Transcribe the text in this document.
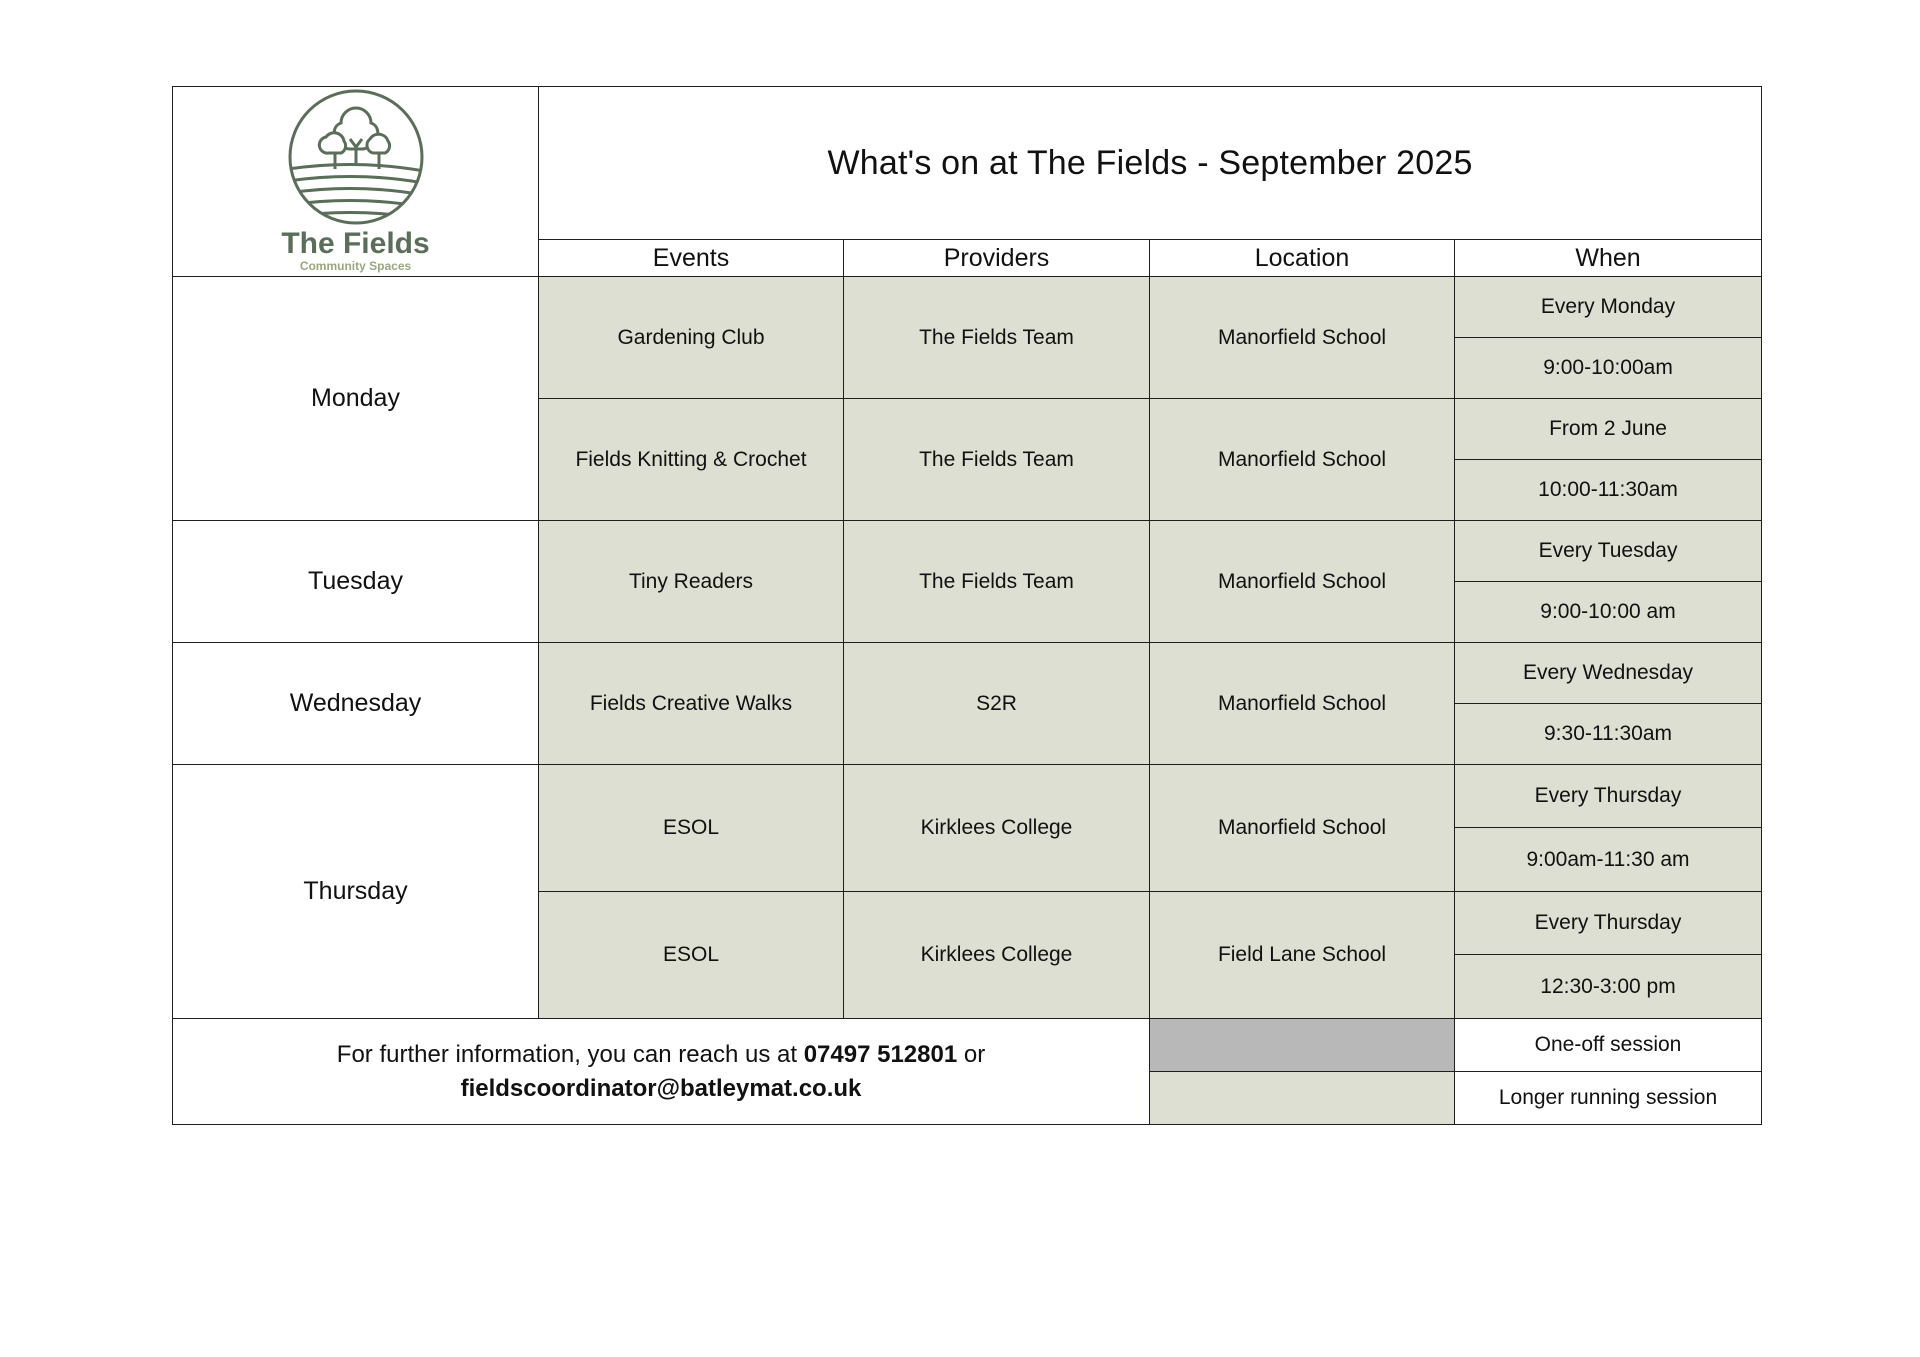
The Fields
Community Spaces	What's on at The Fields - September 2025			
	Events	Providers	Location	When
Monday	Gardening Club	The Fields Team	Manorfield School	Every Monday
				9:00-10:00am
	Fields Knitting & Crochet	The Fields Team	Manorfield School	From 2 June
				10:00-11:30am
Tuesday	Tiny Readers	The Fields Team	Manorfield School	Every Tuesday
				9:00-10:00 am
Wednesday	Fields Creative Walks	S2R	Manorfield School	Every Wednesday
				9:30-11:30am
Thursday	ESOL	Kirklees College	Manorfield School	Every Thursday
				9:00am-11:30 am
	ESOL	Kirklees College	Field Lane School	Every Thursday
				12:30-3:00 pm
For further information, you can reach us at 07497 512801 or
fieldscoordinator@batleymat.co.uk				One-off session
				Longer running session
